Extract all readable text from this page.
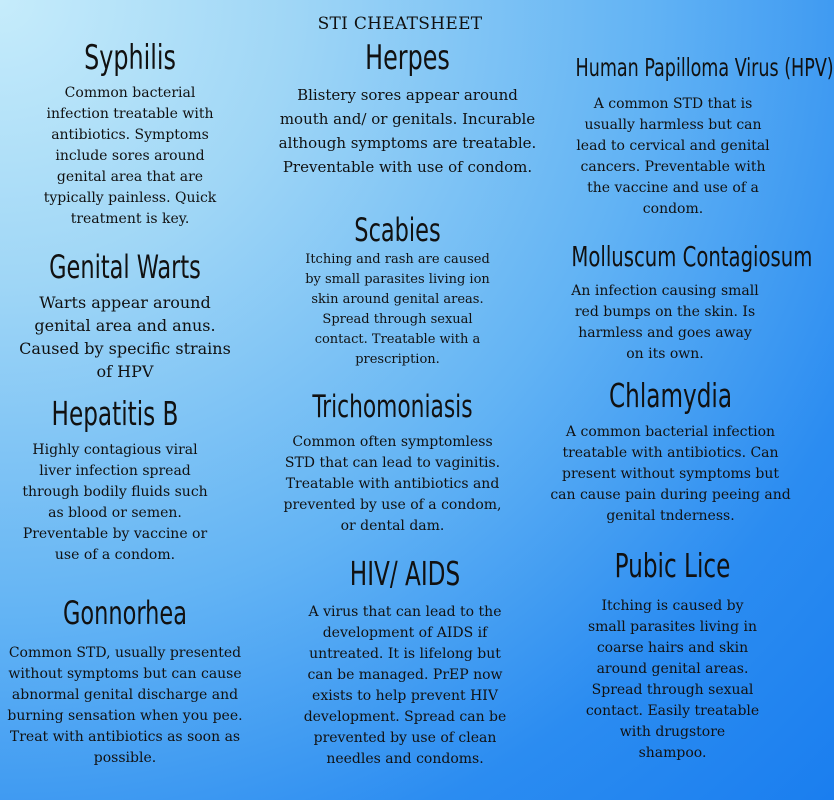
STI CHEATSHEET
Syphilis

Common bacterial infection treatable with antibiotics. Symptoms include sores around genital area that are typically painless. Quick treatment is key.

Genital Warts

Warts appear around genital area and anus. Caused by specific strains of HPV

Hepatitis B

Highly contagious viral liver infection spread through bodily fluids such as blood or semen. Preventable by vaccine or use of a condom.

Gonnorhea

Common STD, usually presented without symptoms but can cause abnormal genital discharge and burning sensation when you pee. Treat with antibiotics as soon as possible.

Herpes

Blistery sores appear around mouth and/ or genitals. Incurable although symptoms are treatable. Preventable with use of condom.

Scabies

Itching and rash are caused by small parasites living ion skin around genital areas. Spread through sexual contact. Treatable with a prescription.

Trichomoniasis

Common often symptomless STD that can lead to vaginitis. Treatable with antibiotics and prevented by use of a condom, or dental dam.

HIV/ AIDS

A virus that can lead to the development of AIDS if untreated. It is lifelong but can be managed. PrEP now exists to help prevent HIV development. Spread can be prevented by use of clean needles and condoms.

Human Papilloma Virus (HPV)

A common STD that is usually harmless but can lead to cervical and genital cancers. Preventable with the vaccine and use of a condom.

Molluscum Contagiosum

An infection causing small red bumps on the skin. Is harmless and goes away on its own.

Chlamydia

A common bacterial infection treatable with antibiotics. Can present without symptoms but can cause pain during peeing and genital tnderness.

Pubic Lice

Itching is caused by small parasites living in coarse hairs and skin around genital areas. Spread through sexual contact. Easily treatable with drugstore shampoo.
